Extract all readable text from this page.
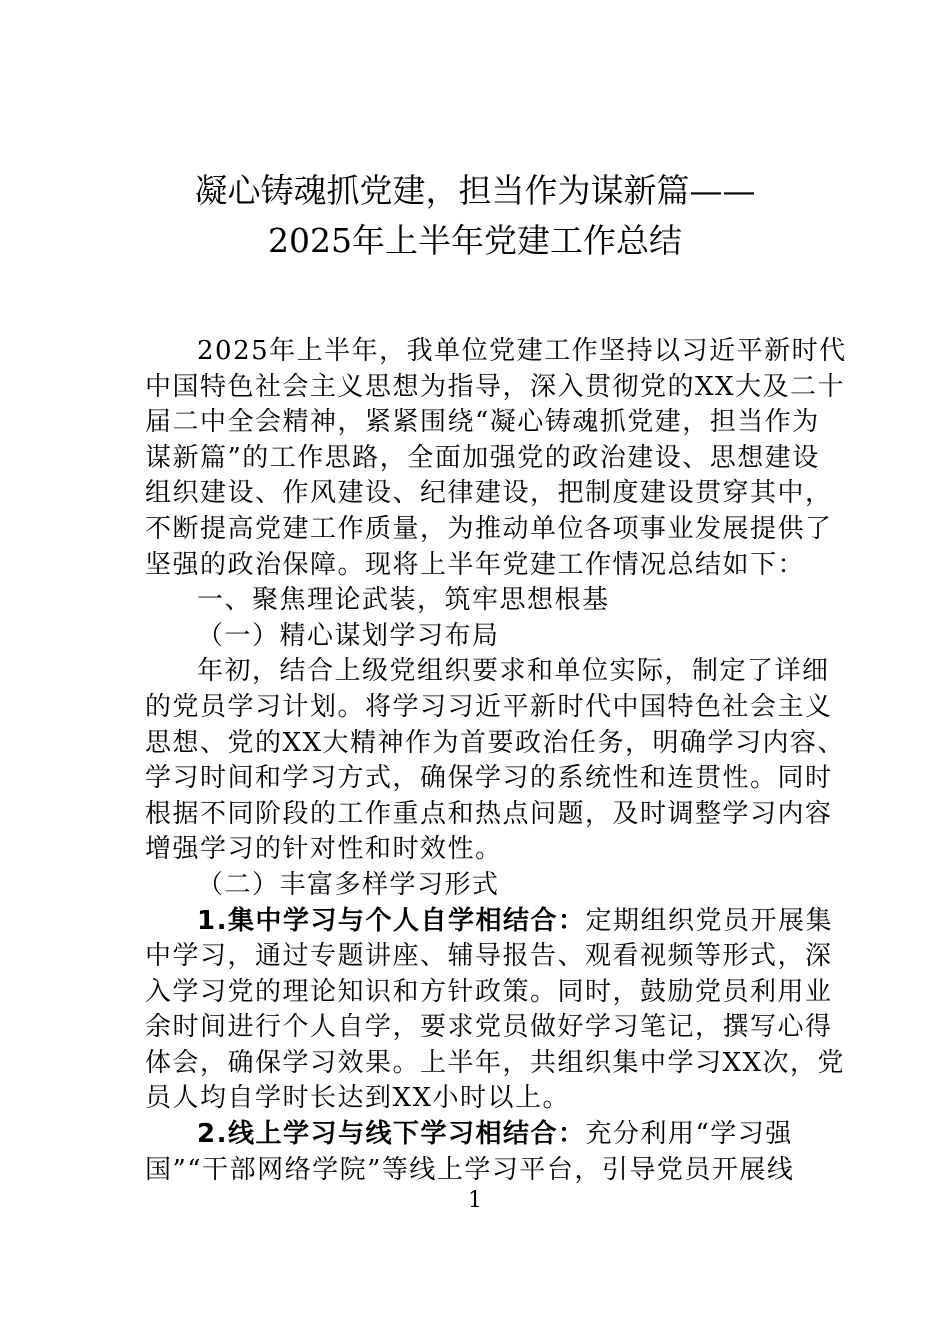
凝心铸魂抓党建，担当作为谋新篇——
2025年上半年党建工作总结
2025年上半年，我单位党建工作坚持以习近平新时代
中国特色社会主义思想为指导，深入贯彻党的XX大及二十
届二中全会精神，紧紧围绕“凝心铸魂抓党建，担当作为
谋新篇”的工作思路，全面加强党的政治建设、思想建设
组织建设、作风建设、纪律建设，把制度建设贯穿其中，
不断提高党建工作质量，为推动单位各项事业发展提供了
坚强的政治保障。现将上半年党建工作情况总结如下：
一、聚焦理论武装，筑牢思想根基
（一）精心谋划学习布局
年初，结合上级党组织要求和单位实际，制定了详细
的党员学习计划。将学习习近平新时代中国特色社会主义
思想、党的XX大精神作为首要政治任务，明确学习内容、
学习时间和学习方式，确保学习的系统性和连贯性。同时
根据不同阶段的工作重点和热点问题，及时调整学习内容
增强学习的针对性和时效性。
（二）丰富多样学习形式
1.集中学习与个人自学相结合：定期组织党员开展集
中学习，通过专题讲座、辅导报告、观看视频等形式，深
入学习党的理论知识和方针政策。同时，鼓励党员利用业
余时间进行个人自学，要求党员做好学习笔记，撰写心得
体会，确保学习效果。上半年，共组织集中学习XX次，党
员人均自学时长达到XX小时以上。
2.线上学习与线下学习相结合：充分利用“学习强
国”“干部网络学院”等线上学习平台，引导党员开展线
1
